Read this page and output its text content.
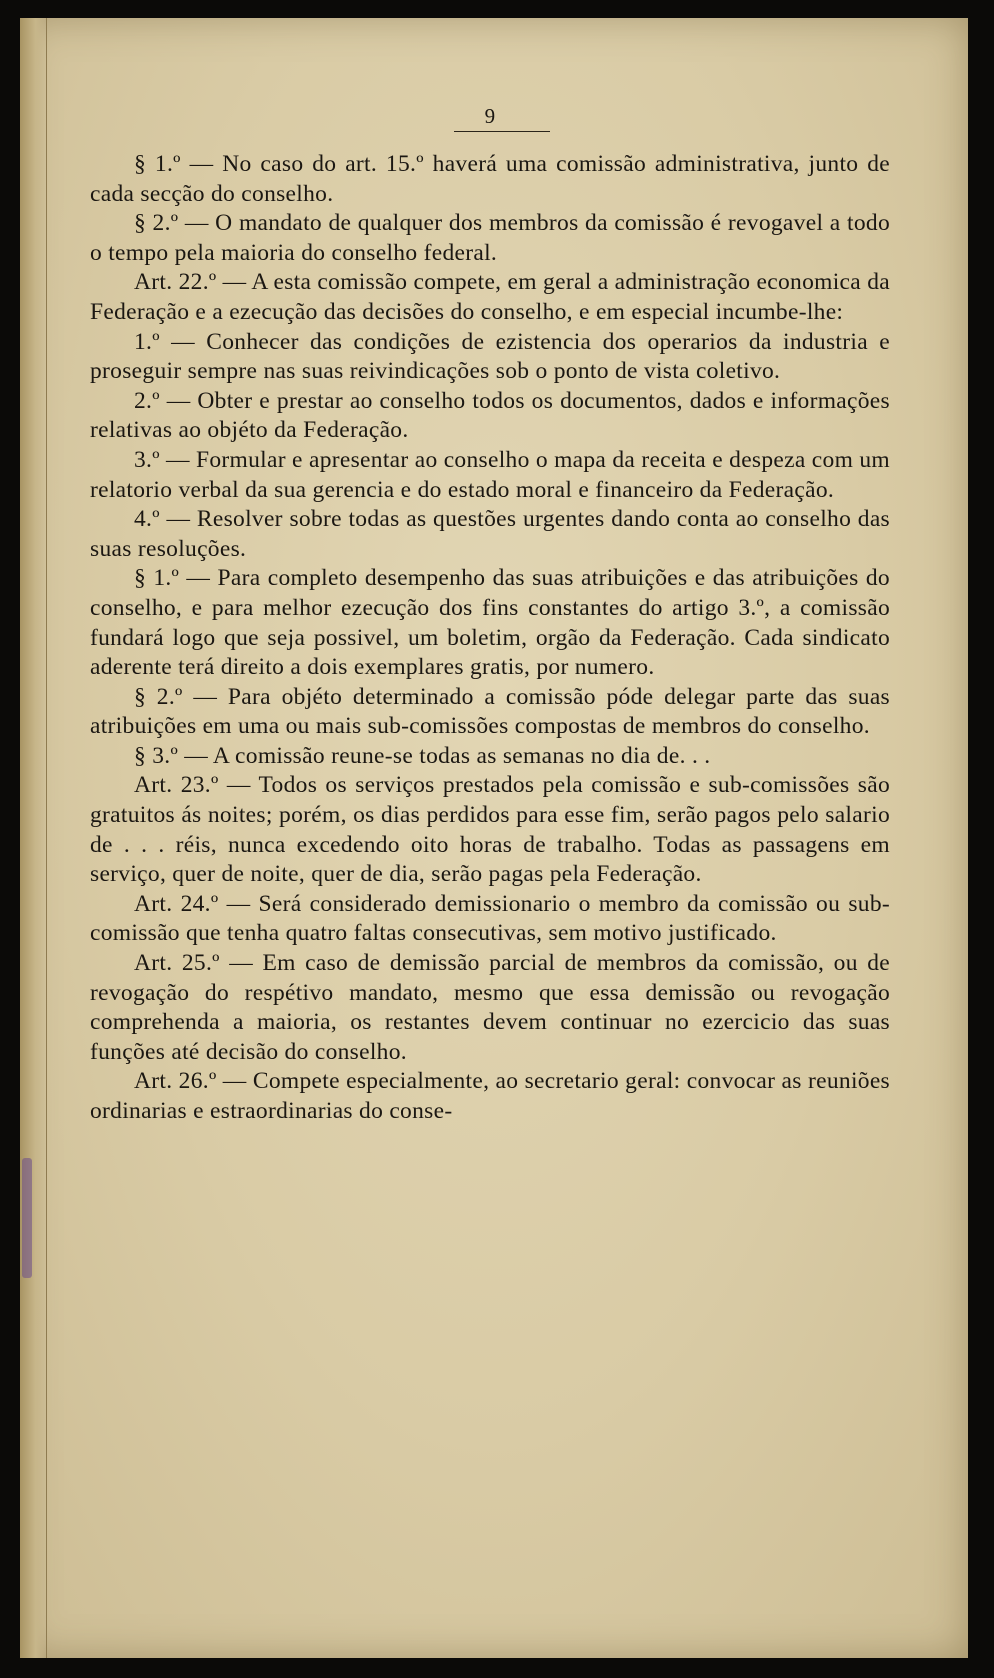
9

§ 1.º — No caso do art. 15.º haverá uma comissão administrativa, junto de cada secção do conselho.

§ 2.º — O mandato de qualquer dos membros da comissão é revogavel a todo o tempo pela maioria do conselho federal.

Art. 22.º — A esta comissão compete, em geral a administração economica da Federação e a ezecução das decisões do conselho, e em especial incumbe-lhe:

1.º — Conhecer das condições de ezistencia dos operarios da industria e proseguir sempre nas suas reivindicações sob o ponto de vista coletivo.

2.º — Obter e prestar ao conselho todos os documentos, dados e informações relativas ao objéto da Federação.

3.º — Formular e apresentar ao conselho o mapa da receita e despeza com um relatorio verbal da sua gerencia e do estado moral e financeiro da Federação.

4.º — Resolver sobre todas as questões urgentes dando conta ao conselho das suas resoluções.

§ 1.º — Para completo desempenho das suas atribuições e das atribuições do conselho, e para melhor ezecução dos fins constantes do artigo 3.º, a comissão fundará logo que seja possivel, um boletim, orgão da Federação. Cada sindicato aderente terá direito a dois exemplares gratis, por numero.

§ 2.º — Para objéto determinado a comissão póde delegar parte das suas atribuições em uma ou mais sub-comissões compostas de membros do conselho.

§ 3.º — A comissão reune-se todas as semanas no dia de. . .

Art. 23.º — Todos os serviços prestados pela comissão e sub-comissões são gratuitos ás noites; porém, os dias perdidos para esse fim, serão pagos pelo salario de . . . réis, nunca excedendo oito horas de trabalho. Todas as passagens em serviço, quer de noite, quer de dia, serão pagas pela Federação.

Art. 24.º — Será considerado demissionario o membro da comissão ou sub-comissão que tenha quatro faltas consecutivas, sem motivo justificado.

Art. 25.º — Em caso de demissão parcial de membros da comissão, ou de revogação do respétivo mandato, mesmo que essa demissão ou revogação comprehenda a maioria, os restantes devem continuar no ezercicio das suas funções até decisão do conselho.

Art. 26.º — Compete especialmente, ao secretario geral: convocar as reuniões ordinarias e estraordinarias do conse-
